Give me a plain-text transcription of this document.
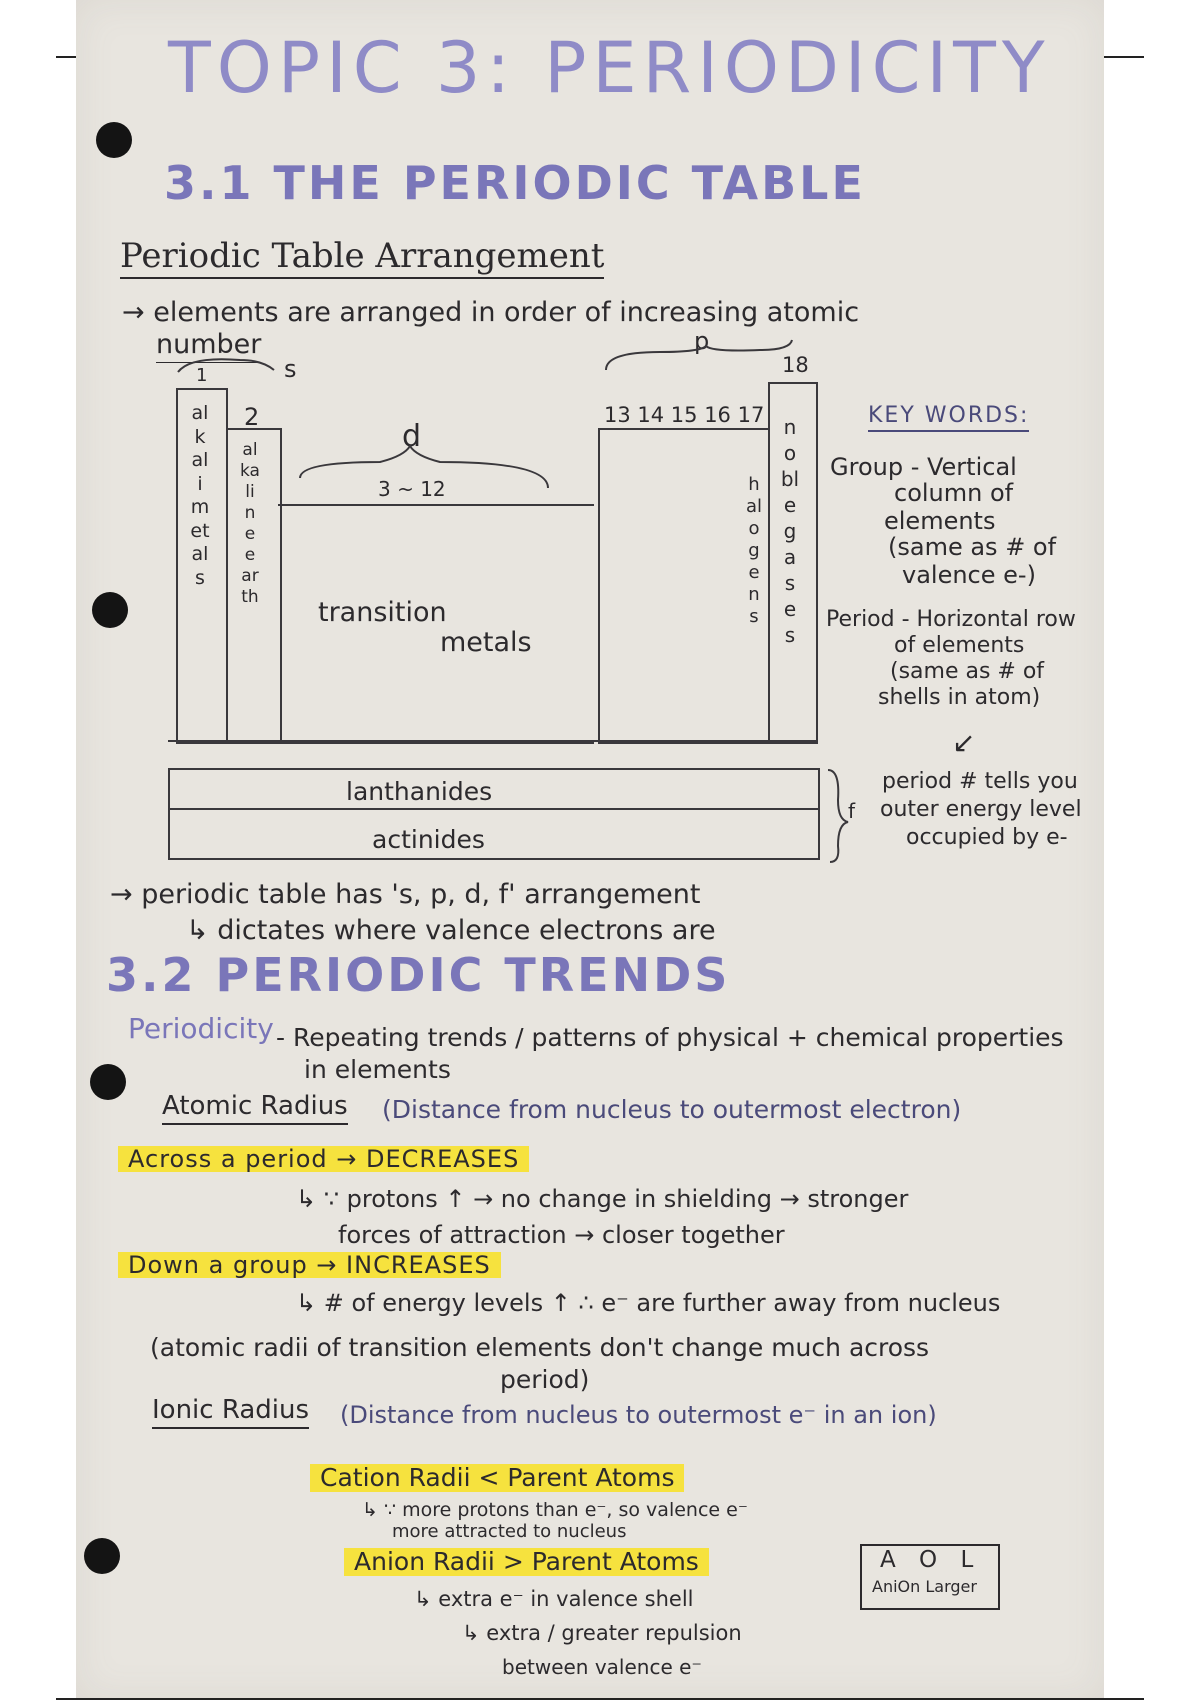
TOPIC 3: PERIODICITY
3.1 THE PERIODIC TABLE
Periodic Table Arrangement
→ elements are arranged in order of increasing atomic
number
s
p
d
1
2	13 14 15 16 17
18
3 ~ 12
alkali metals
alkaline earth
halogens
noble gases
transition
metals
lanthanides
actinides
f
KEY WORDS:
Group - Vertical
column of
elements
(same as # of
valence e-)
Period - Horizontal row
of elements
(same as # of
shells in atom)
↙
period # tells you
outer energy level
occupied by e-
→ periodic table has 's, p, d, f' arrangement
↳ dictates where valence electrons are
3.2 PERIODIC TRENDS
Periodicity - Repeating trends / patterns of physical + chemical properties
in elements
Atomic Radius (Distance from nucleus to outermost electron)
Across a period → DECREASES
↳ ∵ protons ↑ → no change in shielding → stronger
forces of attraction → closer together
Down a group → INCREASES
↳ # of energy levels ↑ ∴ e⁻ are further away from nucleus
(atomic radii of transition elements don't change much across
period)
Ionic Radius (Distance from nucleus to outermost e⁻ in an ion)
Cation Radii < Parent Atoms
↳ ∵ more protons than e⁻, so valence e⁻
more attracted to nucleus
Anion Radii > Parent Atoms
↳ extra e⁻ in valence shell
↳ extra / greater repulsion
between valence e⁻
A O L
AniOn Larger
